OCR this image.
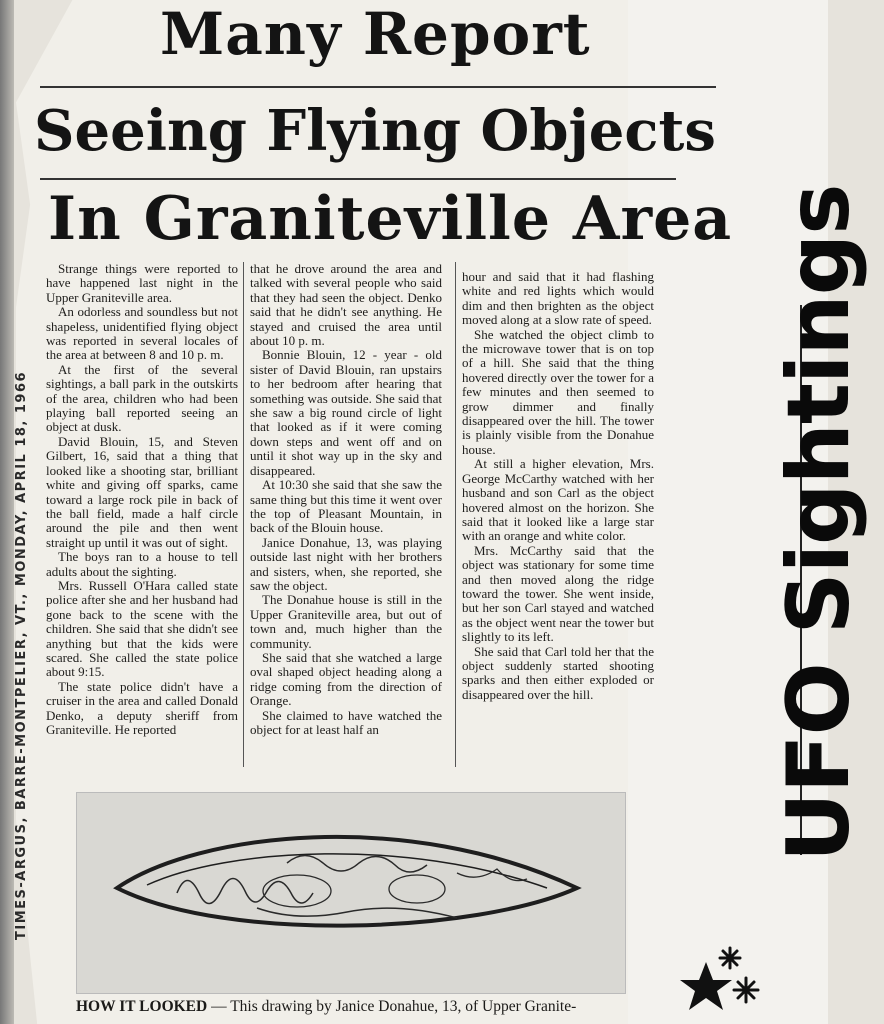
TIMES-ARGUS, BARRE-MONTPELIER, VT., MONDAY, APRIL 18, 1966
Many Report
Seeing Flying Objects
In Graniteville Area

Strange things were reported to have happened last night in the Upper Graniteville area.

An odorless and soundless but not shapeless, unidentified flying object was reported in several locales of the area at between 8 and 10 p. m.

At the first of the several sightings, a ball park in the outskirts of the area, children who had been playing ball reported seeing an object at dusk.

David Blouin, 15, and Steven Gilbert, 16, said that a thing that looked like a shooting star, brilliant white and giving off sparks, came toward a large rock pile in back of the ball field, made a half circle around the pile and then went straight up until it was out of sight.

The boys ran to a house to tell adults about the sighting.

Mrs. Russell O'Hara called state police after she and her husband had gone back to the scene with the children. She said that she didn't see anything but that the kids were scared. She called the state police about 9:15.

The state police didn't have a cruiser in the area and called Donald Denko, a deputy sheriff from Graniteville. He reported

that he drove around the area and talked with several people who said that they had seen the object. Denko said that he didn't see anything. He stayed and cruised the area until about 10 p. m.

Bonnie Blouin, 12 - year - old sister of David Blouin, ran upstairs to her bedroom after hearing that something was outside. She said that she saw a big round circle of light that looked as if it were coming down steps and went off and on until it shot way up in the sky and disappeared.

At 10:30 she said that she saw the same thing but this time it went over the top of Pleasant Mountain, in back of the Blouin house.

Janice Donahue, 13, was playing outside last night with her brothers and sisters, when, she reported, she saw the object.

The Donahue house is still in the Upper Graniteville area, but out of town and, much higher than the community.

She said that she watched a large oval shaped object heading along a ridge coming from the direction of Orange.

She claimed to have watched the object for at least half an

hour and said that it had flashing white and red lights which would dim and then brighten as the object moved along at a slow rate of speed.

She watched the object climb to the microwave tower that is on top of a hill. She said that the thing hovered directly over the tower for a few minutes and then seemed to grow dimmer and finally disappeared over the hill. The tower is plainly visible from the Donahue house.

At still a higher elevation, Mrs. George McCarthy watched with her husband and son Carl as the object hovered almost on the horizon. She said that it looked like a large star with an orange and white color.

Mrs. McCarthy said that the object was stationary for some time and then moved along the ridge toward the tower. She went inside, but her son Carl stayed and watched as the object went near the tower but slightly to its left.

She said that Carl told her that the object suddenly started shooting sparks and then either exploded or disappeared over the hill.

HOW IT LOOKED — This drawing by Janice Donahue, 13, of Upper Granite-
UFO Sightings
